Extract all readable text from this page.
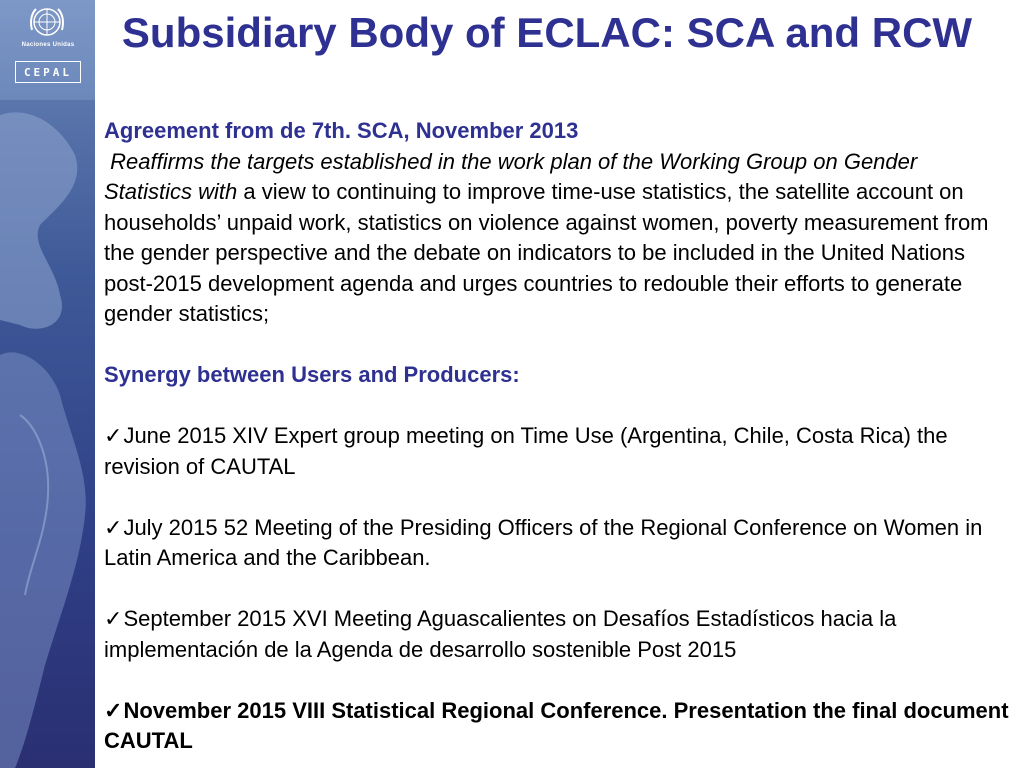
Naciones Unidas
CEPAL
Subsidiary Body of ECLAC: SCA and RCW

Agreement from de 7th. SCA, November 2013

Reaffirms the targets established in the work plan of the Working Group on Gender Statistics with a view to continuing to improve time-use statistics, the satellite account on households’ unpaid work, statistics on violence against women, poverty measurement from the gender perspective and the debate on indicators to be included in the United Nations post-2015 development agenda and urges countries to redouble their efforts to generate gender statistics;

Synergy between Users and Producers:

✓June 2015 XIV Expert group meeting on Time Use (Argentina, Chile, Costa Rica) the revision of CAUTAL

✓July 2015 52 Meeting of the Presiding Officers of the Regional Conference on Women in Latin America and the Caribbean.

✓September 2015 XVI Meeting Aguascalientes on Desafíos Estadísticos hacia la implementación de la Agenda de desarrollo sostenible Post 2015

✓November 2015 VIII Statistical Regional Conference. Presentation the final document CAUTAL
